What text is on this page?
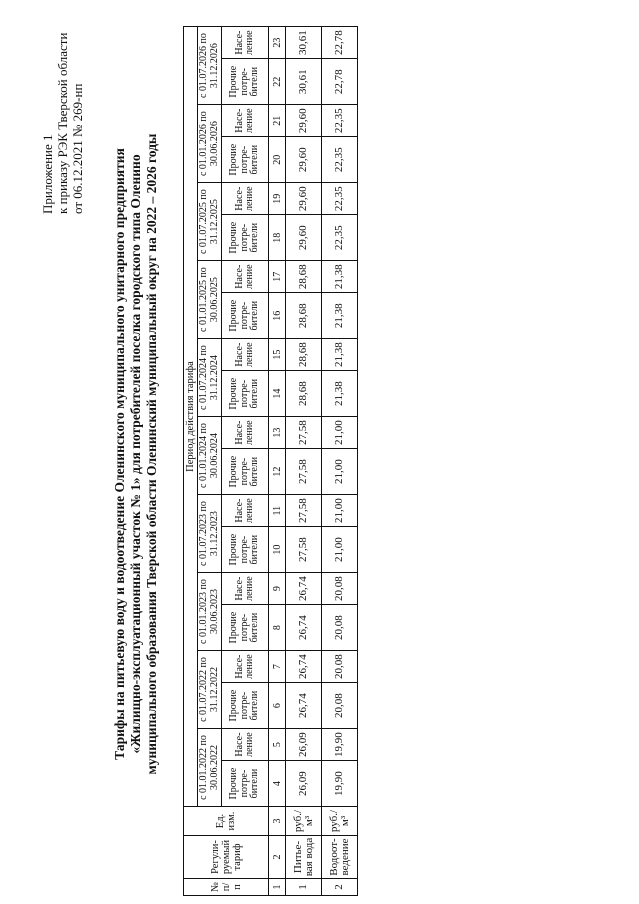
Приложение 1 к приказу РЭК Тверской области от 06.12.2021 № 269-нп Тарифы на питьевую воду и водоотведение Оленинского муниципального унитарного предприятия «Жилищно-эксплуатационный участок № 1» для потребителей поселка городского типа Оленино муниципального образования Тверской области Оленинский муниципальный округ на 2022 – 2026 годы
№ п/п	Регули-руемый тариф	Ед. изм.	Период действия тарифа																			
			с 01.01.2022 по 30.06.2022		с 01.07.2022 по 31.12.2022		с 01.01.2023 по 30.06.2023		с 01.07.2023 по 31.12.2023		с 01.01.2024 по 30.06.2024		с 01.07.2024 по 31.12.2024		с 01.01.2025 по 30.06.2025		с 01.07.2025 по 31.12.2025		с 01.01.2026 по 30.06.2026		с 01.07.2026 по 31.12.2026	
			Прочие потре-бители	Насе-ление	Прочие потре-бители	Насе-ление	Прочие потре-бители	Насе-ление	Прочие потре-бители	Насе-ление	Прочие потре-бители	Насе-ление	Прочие потре-бители	Насе-ление	Прочие потре-бители	Насе-ление	Прочие потре-бители	Насе-ление	Прочие потре-бители	Насе-ление	Прочие потре-бители	Насе-ление
1	2	3	4	5	6	7	8	9	10	11	12	13	14	15	16	17	18	19	20	21	22	23
1	Питье-вая вода	руб./м³	26,09	26,09	26,74	26,74	26,74	26,74	27,58	27,58	27,58	27,58	28,68	28,68	28,68	28,68	29,60	29,60	29,60	29,60	30,61	30,61
2	Водоот-ведение	руб./м³	19,90	19,90	20,08	20,08	20,08	20,08	21,00	21,00	21,00	21,00	21,38	21,38	21,38	21,38	22,35	22,35	22,35	22,35	22,78	22,78
